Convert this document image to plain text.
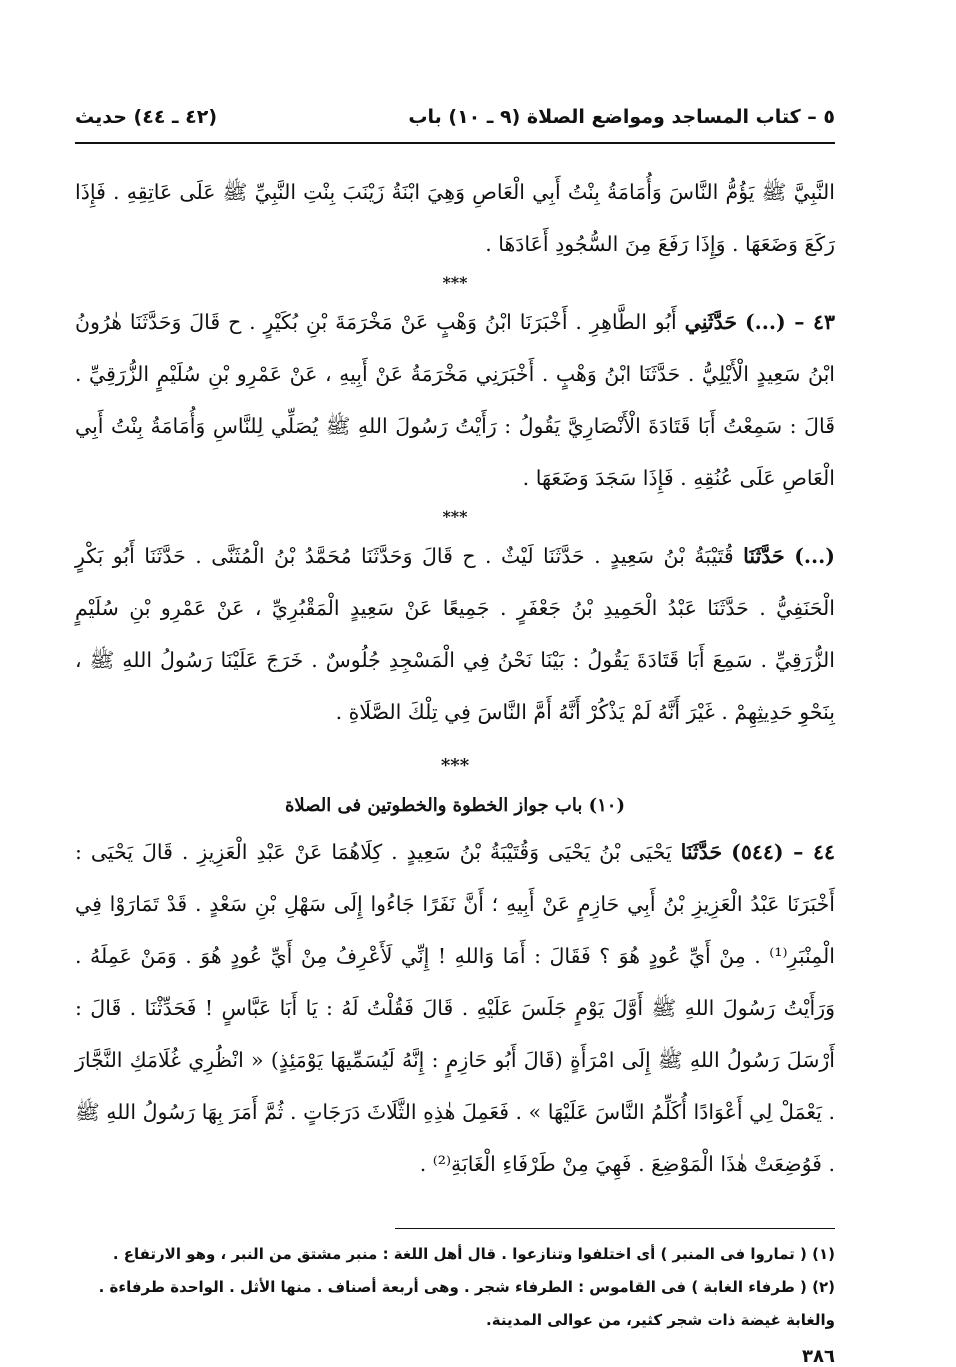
٥ – كتاب المساجد ومواضع الصلاة (٩ ـ ١٠) باب
(٤٢ ـ ٤٤) حديث

النَّبِيَّ ﷺ يَؤُمُّ النَّاسَ وَأُمَامَةُ بِنْتُ أَبِي الْعَاصِ وَهِيَ ابْنَةُ زَيْنَبَ بِنْتِ النَّبِيِّ ﷺ عَلَى عَاتِقِهِ . فَإِذَا رَكَعَ وَضَعَهَا . وَإِذَا رَفَعَ مِنَ السُّجُودِ أَعَادَهَا .

***

٤٣ – (...) حَدَّثَنِي أَبُو الطَّاهِرِ . أَخْبَرَنَا ابْنُ وَهْبٍ عَنْ مَخْرَمَةَ بْنِ بُكَيْرٍ . ح قَالَ وَحَدَّثَنَا هٰرُونُ ابْنُ سَعِيدٍ الْأَيْلِيُّ . حَدَّثَنَا ابْنُ وَهْبٍ . أَخْبَرَنِي مَخْرَمَةُ عَنْ أَبِيهِ ، عَنْ عَمْرِو بْنِ سُلَيْمٍ الزُّرَقِيِّ . قَالَ : سَمِعْتُ أَبَا قَتَادَةَ الْأَنْصَارِيَّ يَقُولُ : رَأَيْتُ رَسُولَ اللهِ ﷺ يُصَلِّي لِلنَّاسِ وَأُمَامَةُ بِنْتُ أَبِي الْعَاصِ عَلَى عُنُقِهِ . فَإِذَا سَجَدَ وَضَعَهَا .

***

(...) حَدَّثَنَا قُتَيْبَةُ بْنُ سَعِيدٍ . حَدَّثَنَا لَيْثٌ . ح قَالَ وَحَدَّثَنَا مُحَمَّدُ بْنُ الْمُثَنَّى . حَدَّثَنَا أَبُو بَكْرٍ الْحَنَفِيُّ . حَدَّثَنَا عَبْدُ الْحَمِيدِ بْنُ جَعْفَرٍ . جَمِيعًا عَنْ سَعِيدٍ الْمَقْبُرِيِّ ، عَنْ عَمْرِو بْنِ سُلَيْمٍ الزُّرَقِيِّ . سَمِعَ أَبَا قَتَادَةَ يَقُولُ : بَيْنَا نَحْنُ فِي الْمَسْجِدِ جُلُوسٌ . خَرَجَ عَلَيْنَا رَسُولُ اللهِ ﷺ ، بِنَحْوِ حَدِيثِهِمْ . غَيْرَ أَنَّهُ لَمْ يَذْكُرْ أَنَّهُ أَمَّ النَّاسَ فِي تِلْكَ الصَّلَاةِ .

***

(١٠) باب جواز الخطوة والخطوتين فى الصلاة

٤٤ – (٥٤٤) حَدَّثَنَا يَحْيَى بْنُ يَحْيَى وَقُتَيْبَةُ بْنُ سَعِيدٍ . كِلَاهُمَا عَنْ عَبْدِ الْعَزِيزِ . قَالَ يَحْيَى : أَخْبَرَنَا عَبْدُ الْعَزِيزِ بْنُ أَبِي حَازِمٍ عَنْ أَبِيهِ ؛ أَنَّ نَفَرًا جَاءُوا إِلَى سَهْلِ بْنِ سَعْدٍ . قَدْ تَمَارَوْا فِي الْمِنْبَرِ⁽¹⁾ . مِنْ أَيِّ عُودٍ هُوَ ؟ فَقَالَ : أَمَا وَاللهِ ! إِنِّي لَأَعْرِفُ مِنْ أَيِّ عُودٍ هُوَ . وَمَنْ عَمِلَهُ . وَرَأَيْتُ رَسُولَ اللهِ ﷺ أَوَّلَ يَوْمٍ جَلَسَ عَلَيْهِ . قَالَ فَقُلْتُ لَهُ : يَا أَبَا عَبَّاسٍ ! فَحَدِّثْنَا . قَالَ : أَرْسَلَ رَسُولُ اللهِ ﷺ إِلَى امْرَأَةٍ (قَالَ أَبُو حَازِمٍ : إِنَّهُ لَيُسَمِّيهَا يَوْمَئِذٍ) « انْظُرِي غُلَامَكِ النَّجَّارَ . يَعْمَلْ لِي أَعْوَادًا أُكَلِّمُ النَّاسَ عَلَيْهَا » . فَعَمِلَ هٰذِهِ الثَّلَاثَ دَرَجَاتٍ . ثُمَّ أَمَرَ بِهَا رَسُولُ اللهِ ﷺ . فَوُضِعَتْ هٰذَا الْمَوْضِعَ . فَهِيَ مِنْ طَرْفَاءِ الْغَابَةِ⁽²⁾ .

(١) ( تماروا فى المنبر ) أى اختلفوا وتنازعوا . قال أهل اللغة : منبر مشتق من النبر ، وهو الارتفاع .

(٢) ( طرفاء الغابة ) فى القاموس : الطرفاء شجر . وهى أربعة أصناف . منها الأثل . الواحدة طرفاءة . والغابة غيضة ذات شجر كثير، من عوالى المدينة.

٣٨٦
